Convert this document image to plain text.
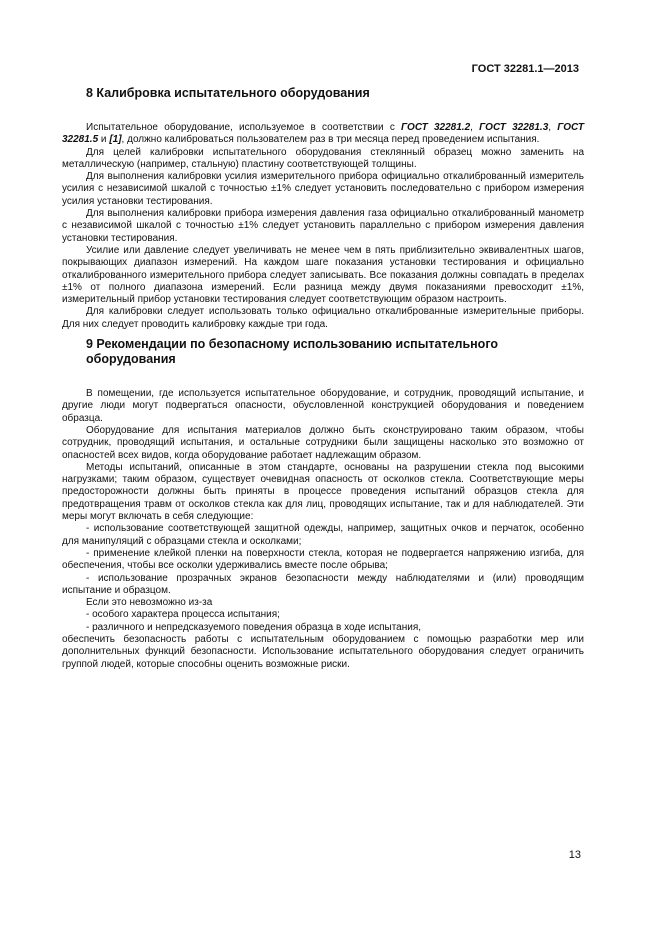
ГОСТ 32281.1—2013
8 Калибровка испытательного оборудования

Испытательное оборудование, используемое в соответствии с ГОСТ 32281.2, ГОСТ 32281.3, ГОСТ 32281.5 и [1], должно калиброваться пользователем раз в три месяца перед проведением испытания.

Для целей калибровки испытательного оборудования стеклянный образец можно заменить на металлическую (например, стальную) пластину соответствующей толщины.

Для выполнения калибровки усилия измерительного прибора официально откалиброванный измеритель усилия с независимой шкалой с точностью ±1% следует установить последовательно с прибором измерения усилия установки тестирования.

Для выполнения калибровки прибора измерения давления газа официально откалиброванный манометр с независимой шкалой с точностью ±1% следует установить параллельно с прибором измерения давления установки тестирования.

Усилие или давление следует увеличивать не менее чем в пять приблизительно эквивалентных шагов, покрывающих диапазон измерений. На каждом шаге показания установки тестирования и официально откалиброванного измерительного прибора следует записывать. Все показания должны совпадать в пределах ±1% от полного диапазона измерений. Если разница между двумя показаниями превосходит ±1%, измерительный прибор установки тестирования следует соответствующим образом настроить.

Для калибровки следует использовать только официально откалиброванные измерительные приборы. Для них следует проводить калибровку каждые три года.

9 Рекомендации по безопасному использованию испытательного оборудования

В помещении, где используется испытательное оборудование, и сотрудник, проводящий испытание, и другие люди могут подвергаться опасности, обусловленной конструкцией оборудования и поведением образца.

Оборудование для испытания материалов должно быть сконструировано таким образом, чтобы сотрудник, проводящий испытания, и остальные сотрудники были защищены насколько это возможно от опасностей всех видов, когда оборудование работает надлежащим образом.

Методы испытаний, описанные в этом стандарте, основаны на разрушении стекла под высокими нагрузками; таким образом, существует очевидная опасность от осколков стекла. Соответствующие меры предосторожности должны быть приняты в процессе проведения испытаний образцов стекла для предотвращения травм от осколков стекла как для лиц, проводящих испытание, так и для наблюдателей. Эти меры могут включать в себя следующие:

- использование соответствующей защитной одежды, например, защитных очков и перчаток, особенно для манипуляций с образцами стекла и осколками;

- применение клейкой пленки на поверхности стекла, которая не подвергается напряжению изгиба, для обеспечения, чтобы все осколки удерживались вместе после обрыва;

- использование прозрачных экранов безопасности между наблюдателями и (или) проводящим испытание и образцом.

Если это невозможно из-за

- особого характера процесса испытания;

- различного и непредсказуемого поведения образца в ходе испытания,

обеспечить безопасность работы с испытательным оборудованием с помощью разработки мер или дополнительных функций безопасности. Использование испытательного оборудования следует ограничить группой людей, которые способны оценить возможные риски.

13
